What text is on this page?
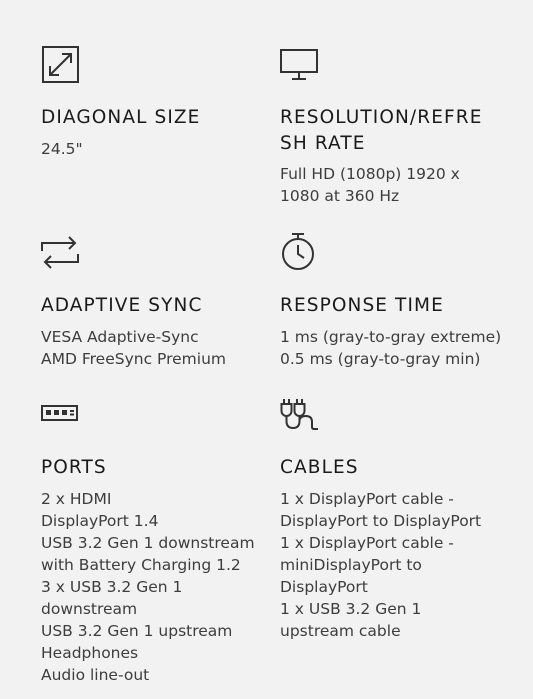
DIAGONAL SIZE
24.5"
RESOLUTION/REFRE
SH RATE
Full HD (1080p) 1920 x
1080 at 360 Hz
ADAPTIVE SYNC
VESA Adaptive-Sync
AMD FreeSync Premium
RESPONSE TIME
1 ms (gray-to-gray extreme)
0.5 ms (gray-to-gray min)
PORTS
2 x HDMI
DisplayPort 1.4
USB 3.2 Gen 1 downstream
with Battery Charging 1.2
3 x USB 3.2 Gen 1
downstream
USB 3.2 Gen 1 upstream
Headphones
Audio line-out
CABLES
1 x DisplayPort cable -
DisplayPort to DisplayPort
1 x DisplayPort cable -
miniDisplayPort to
DisplayPort
1 x USB 3.2 Gen 1
upstream cable
